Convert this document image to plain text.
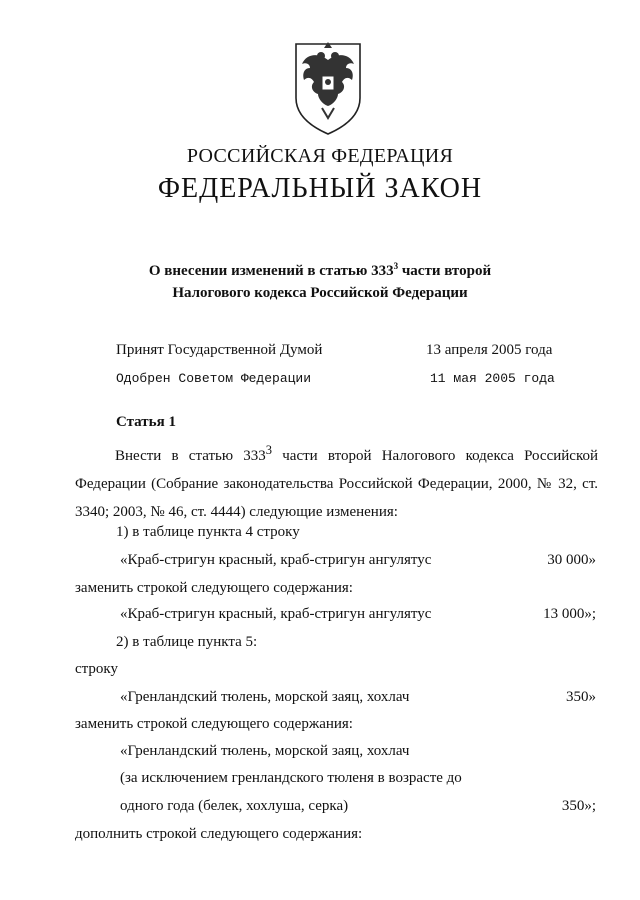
РОССИЙСКАЯ ФЕДЕРАЦИЯ
ФЕДЕРАЛЬНЫЙ ЗАКОН
О внесении изменений в статью $333^3$ части второй
Налогового кодекса Российской Федерации
Принят Государственной Думой	13 апреля 2005 года
Одобрен Советом Федерации	11 мая 2005 года
Статья 1
Внести в статью $333^3$ части второй Налогового кодекса Российской Федерации (Собрание законодательства Российской Федерации, 2000, № 32, ст. 3340; 2003, № 46, ст. 4444) следующие изменения:
1) в таблице пункта 4 строку
«Краб-стригун красный, краб-стригун ангулятус	30 000»
заменить строкой следующего содержания:
«Краб-стригун красный, краб-стригун ангулятус	13 000»;
2) в таблице пункта 5:
строку
«Гренландский тюлень, морской заяц, хохлач	350»
заменить строкой следующего содержания:
«Гренландский тюлень, морской заяц, хохлач
(за исключением гренландского тюленя в возрасте до
одного года (белек, хохлуша, серка)	350»;
дополнить строкой следующего содержания:
